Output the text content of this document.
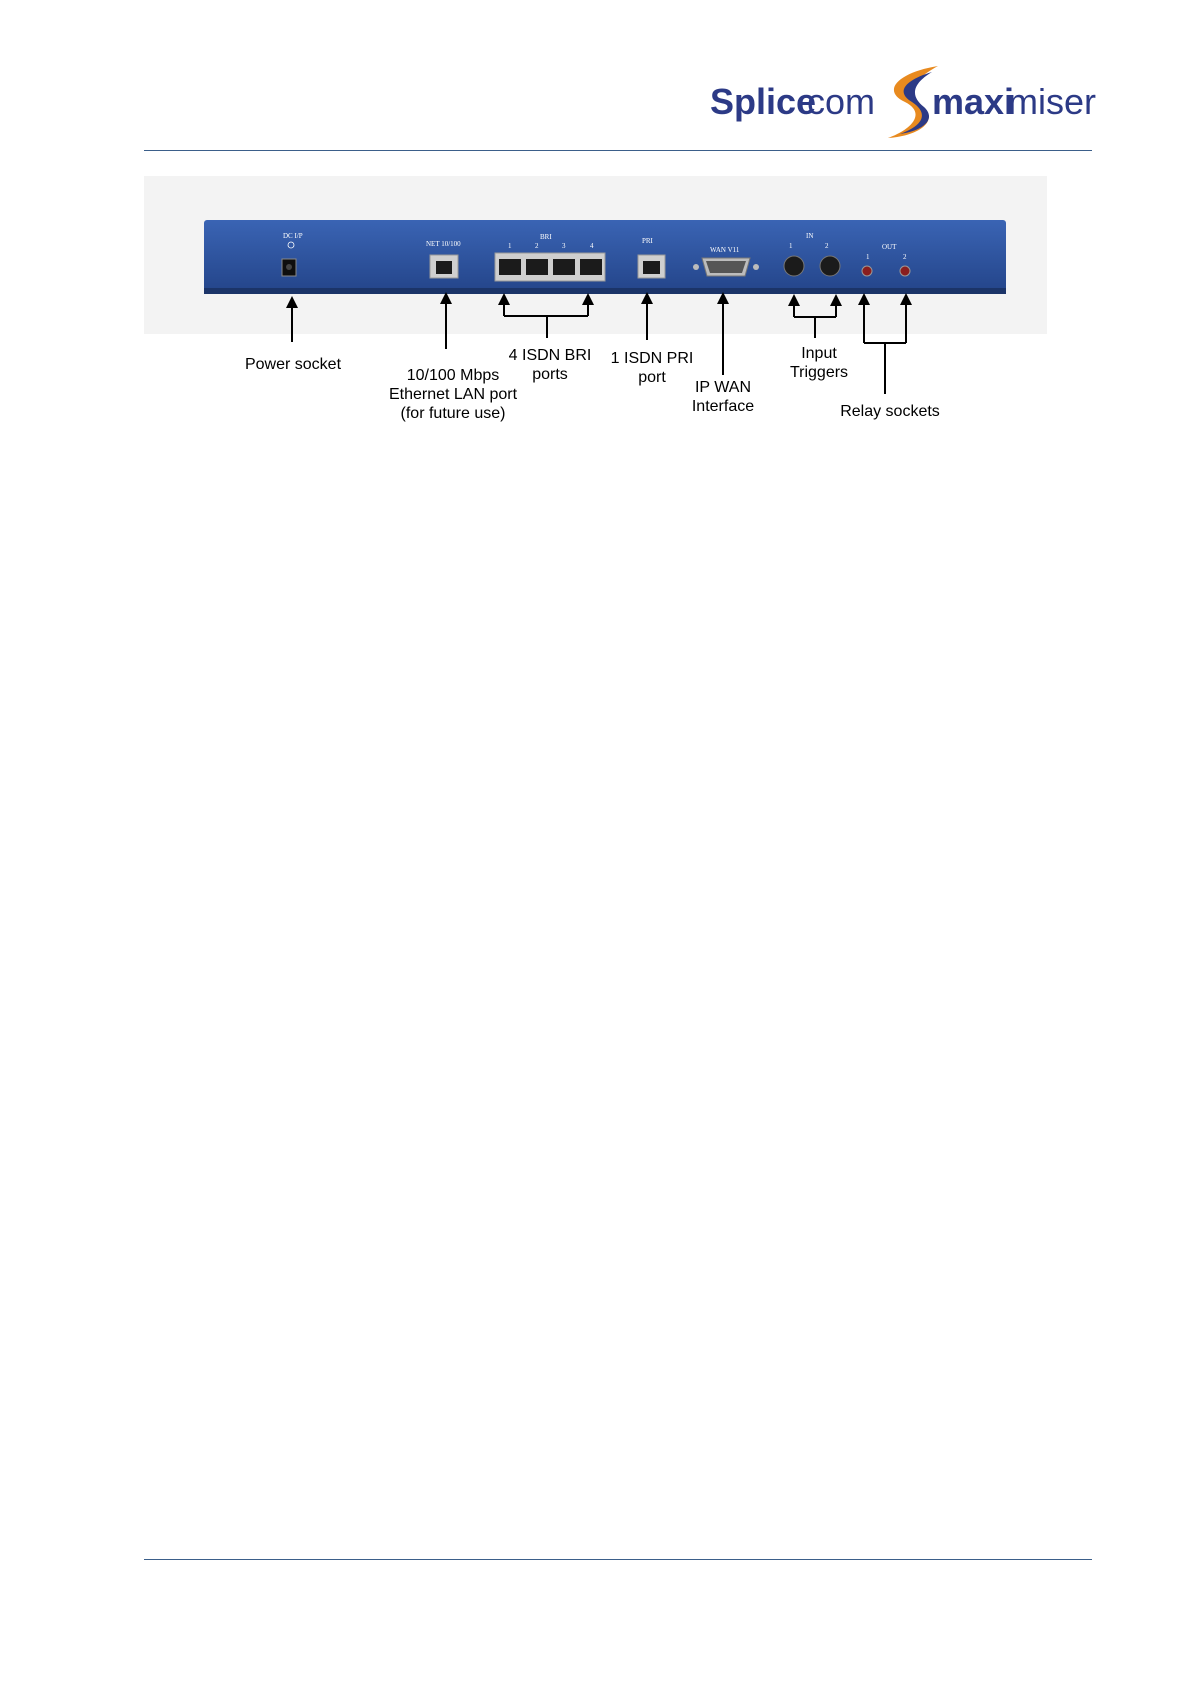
Splice
com maxi
miser
DC I/P
NET 10/100
BRI
1	2	3	4
PRI
WAN V11
IN
1	2	OUT
1	2
Power socket
10/100 Mbps
Ethernet LAN port
(for future use)
4 ISDN BRI
ports
1 ISDN PRI
port
IP WAN
Interface
Input
Triggers
Relay sockets
